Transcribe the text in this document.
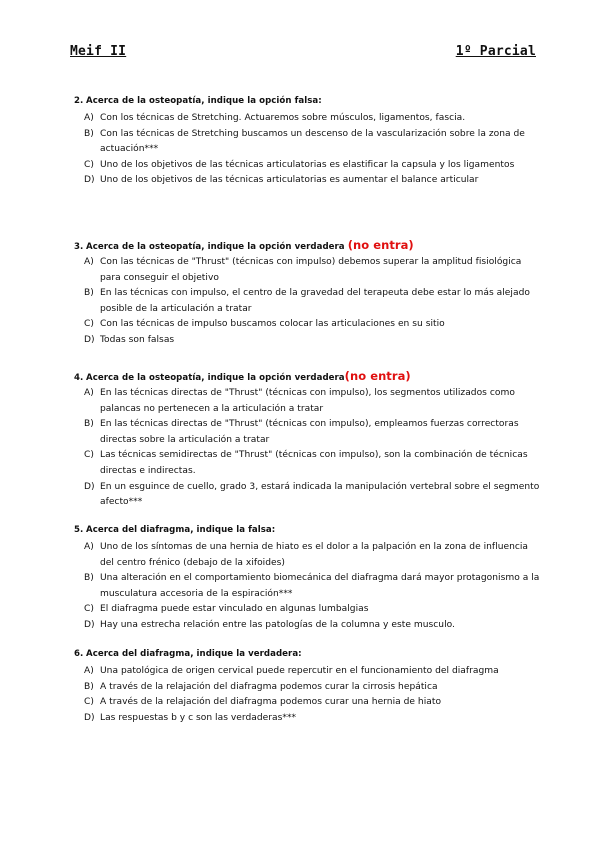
Meif II	1º Parcial
2. Acerca de la osteopatía, indique la opción falsa:
A) Con los técnicas de Stretching. Actuaremos sobre músculos, ligamentos, fascia.
B) Con las técnicas de Stretching buscamos un descenso de la vascularización sobre la zona de actuación***
C) Uno de los objetivos de las técnicas articulatorias es elastificar la capsula y los ligamentos
D) Uno de los objetivos de las técnicas articulatorias es aumentar el balance articular
3. Acerca de la osteopatía, indique la opción verdadera (no entra)
A) Con las técnicas de "Thrust" (técnicas con impulso) debemos superar la amplitud fisiológica para conseguir el objetivo
B) En las técnicas con impulso, el centro de la gravedad del terapeuta debe estar lo más alejado posible de la articulación a tratar
C) Con las técnicas de impulso buscamos colocar las articulaciones en su sitio
D) Todas son falsas
4. Acerca de la osteopatía, indique la opción verdadera(no entra)
A) En las técnicas directas de "Thrust" (técnicas con impulso), los segmentos utilizados como palancas no pertenecen a la articulación a tratar
B) En las técnicas directas de "Thrust" (técnicas con impulso), empleamos fuerzas correctoras directas sobre la articulación a tratar
C) Las técnicas semidirectas de "Thrust" (técnicas con impulso), son la combinación de técnicas directas e indirectas.
D) En un esguince de cuello, grado 3, estará indicada la manipulación vertebral sobre el segmento afecto***
5. Acerca del diafragma, indique la falsa:
A) Uno de los síntomas de una hernia de hiato es el dolor a la palpación en la zona de influencia del centro frénico (debajo de la xifoides)
B) Una alteración en el comportamiento biomecánica del diafragma dará mayor protagonismo a la musculatura accesoria de la espiración***
C) El diafragma puede estar vinculado en algunas lumbalgias
D) Hay una estrecha relación entre las patologías de la columna y este musculo.
6. Acerca del diafragma, indique la verdadera:
A) Una patológica de origen cervical puede repercutir en el funcionamiento del diafragma
B) A través de la relajación del diafragma podemos curar la cirrosis hepática
C) A través de la relajación del diafragma podemos curar una hernia de hiato
D) Las respuestas b y c son las verdaderas***
